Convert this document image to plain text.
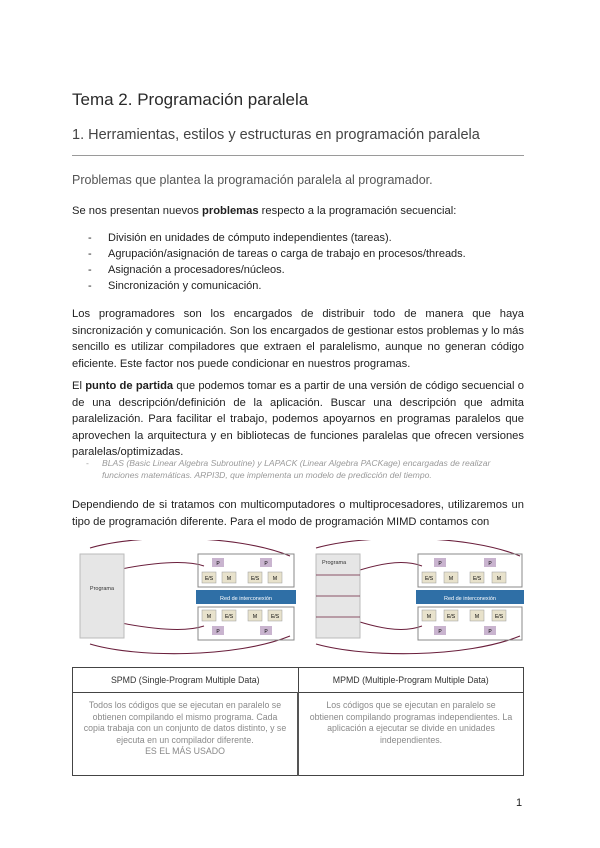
Tema 2. Programación paralela
1. Herramientas, estilos y estructuras en programación paralela
Problemas que plantea la programación paralela al programador.

Se nos presentan nuevos problemas respecto a la programación secuencial:

- División en unidades de cómputo independientes (tareas).
- Agrupación/asignación de tareas o carga de trabajo en procesos/threads.
- Asignación a procesadores/núcleos.
- Sincronización y comunicación.

Los programadores son los encargados de distribuir todo de manera que haya sincronización y comunicación. Son los encargados de gestionar estos problemas y lo más sencillo es utilizar compiladores que extraen el paralelismo, aunque no generan código eficiente. Este factor nos puede condicionar en nuestros programas.

El punto de partida que podemos tomar es a partir de una versión de código secuencial o de una descripción/definición de la aplicación. Buscar una descripción que admita paralelización. Para facilitar el trabajo, podemos apoyarnos en programas paralelos que aprovechen la arquitectura y en bibliotecas de funciones paralelas que ofrecen versiones paralelas/optimizadas.

- BLAS (Basic Linear Algebra Subroutine) y LAPACK (Linear Algebra PACKage) encargadas de realizar funciones matemáticas. ARPI3D, que implementa un modelo de predicción del tiempo.

Dependiendo de si tratamos con multicomputadores o multiprocesadores, utilizaremos un tipo de programación diferente. Para el modo de programación MIMD contamos con

Programa
P	P
E/S	M	E/S	M
Red de interconexión
M	E/S	M	E/S
P	P
Programa	P	P
E/S	M	E/S	M
Red de interconexión
M	E/S	M	E/S
P	P
SPMD (Single-Program Multiple Data)	MPMD (Multiple-Program Multiple Data)
Todos los códigos que se ejecutan en paralelo se obtienen compilando el mismo programa. Cada copia trabaja con un conjunto de datos distinto, y se ejecuta en un compilador diferente.
ES EL MÁS USADO	Los códigos que se ejecutan en paralelo se obtienen compilando programas independientes. La aplicación a ejecutar se divide en unidades independientes.
1
